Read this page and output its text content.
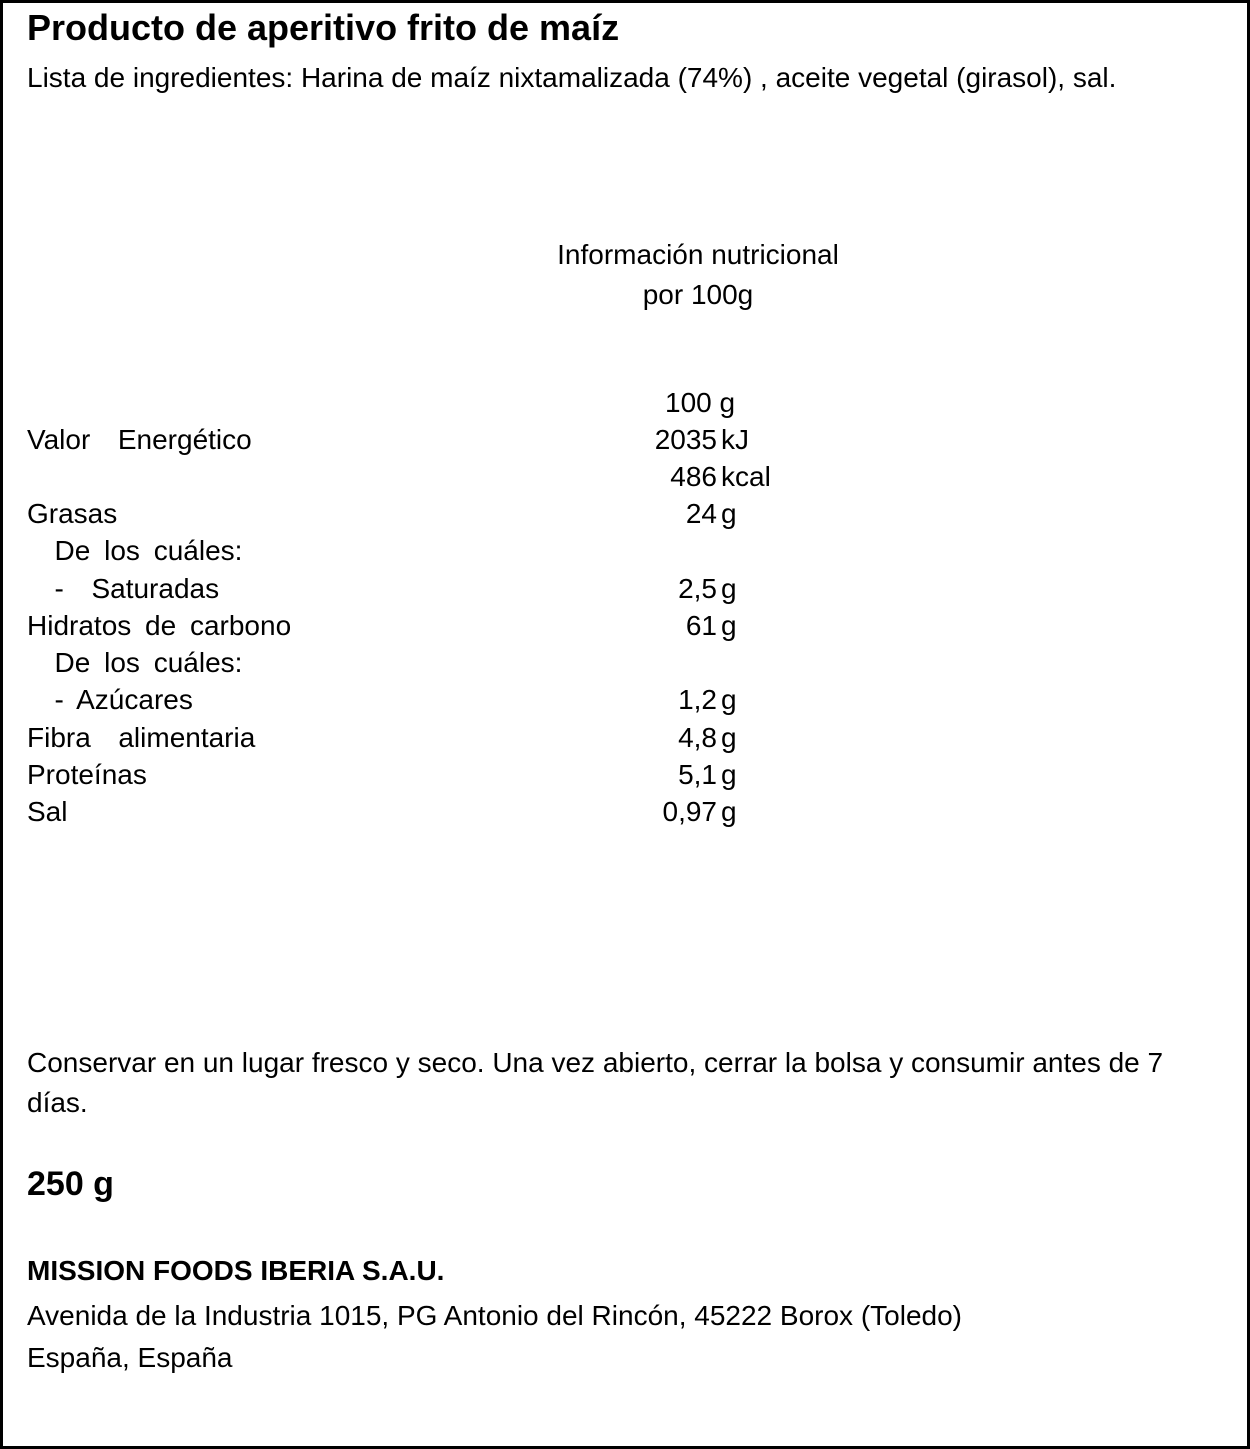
Producto de aperitivo frito de maíz
Lista de ingredientes: Harina de maíz nixtamalizada (74%) , aceite vegetal (girasol), sal.
Información nutricional
por 100g
100 g
Valor  Energético	2035 kJ
486 kcal
Grasas	24 g
De los cuáles:
-  Saturadas	2,5 g
Hidratos de carbono	61 g
De los cuáles:
- Azúcares	1,2 g
Fibra  alimentaria	4,8 g
Proteínas	5,1 g
Sal	0,97 g
Conservar en un lugar fresco y seco. Una vez abierto, cerrar la bolsa y consumir antes de 7 días.
250 g
MISSION FOODS IBERIA S.A.U.
Avenida de la Industria 1015, PG Antonio del Rincón, 45222 Borox (Toledo)
España, España
